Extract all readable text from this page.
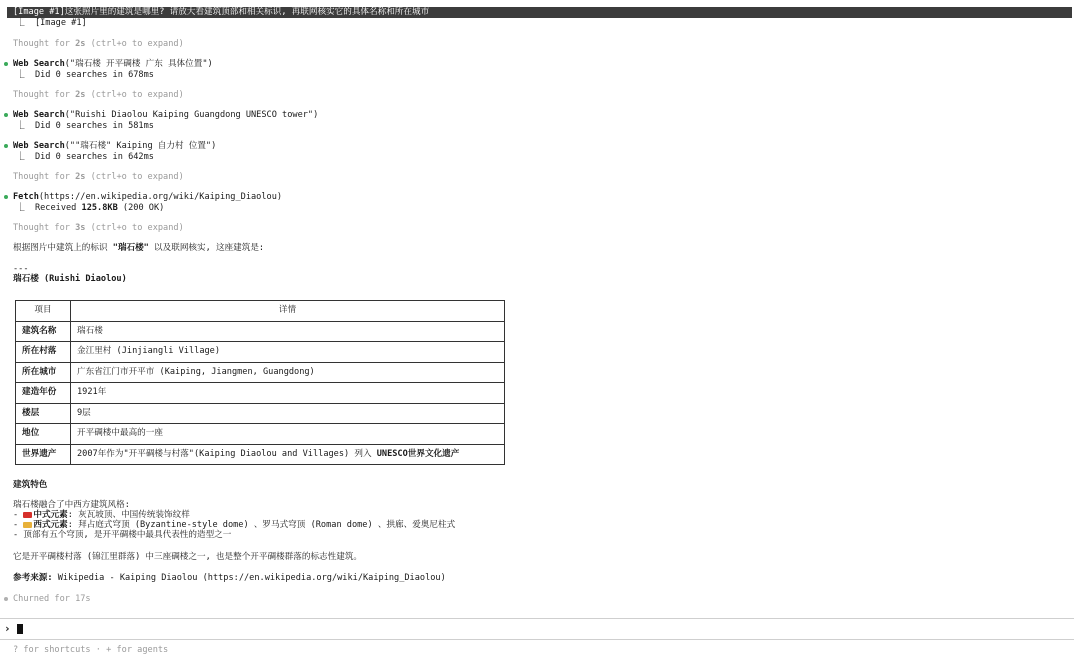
[Image #1]这张照片里的建筑是哪里? 请放大看建筑顶部和相关标识, 再联网核实它的具体名称和所在城市
⎿  [Image #1]
Thought for 2s (ctrl+o to expand)
Web Search("瑞石楼 开平碉楼 广东 具体位置")
⎿  Did 0 searches in 678ms
Thought for 2s (ctrl+o to expand)
Web Search("Ruishi Diaolou Kaiping Guangdong UNESCO tower")
⎿  Did 0 searches in 581ms
Web Search(""瑞石楼" Kaiping 自力村 位置")
⎿  Did 0 searches in 642ms
Thought for 2s (ctrl+o to expand)
Fetch(https://en.wikipedia.org/wiki/Kaiping_Diaolou)
⎿  Received 125.8KB (200 OK)
Thought for 3s (ctrl+o to expand)
根据图片中建筑上的标识 "瑞石楼" 以及联网核实, 这座建筑是:
---
瑞石楼 (Ruishi Diaolou)
项目	详情
建筑名称	瑞石楼
所在村落	金江里村 (Jinjiangli Village)
所在城市	广东省江门市开平市 (Kaiping, Jiangmen, Guangdong)
建造年份	1921年
楼层	9层
地位	开平碉楼中最高的一座
世界遗产	2007年作为"开平碉楼与村落"(Kaiping Diaolou and Villages) 列入 UNESCO世界文化遗产
建筑特色
瑞石楼融合了中西方建筑风格:
- 中式元素: 灰瓦坡顶、中国传统装饰纹样
- 西式元素: 拜占庭式穹顶 (Byzantine-style dome) 、罗马式穹顶 (Roman dome) 、拱廊、爱奥尼柱式
- 顶部有五个穹顶, 是开平碉楼中最具代表性的造型之一
它是开平碉楼村落 (锦江里群落) 中三座碉楼之一, 也是整个开平碉楼群落的标志性建筑。
参考来源: Wikipedia - Kaiping Diaolou (https://en.wikipedia.org/wiki/Kaiping_Diaolou)
Churned for 17s
›
? for shortcuts · + for agents
